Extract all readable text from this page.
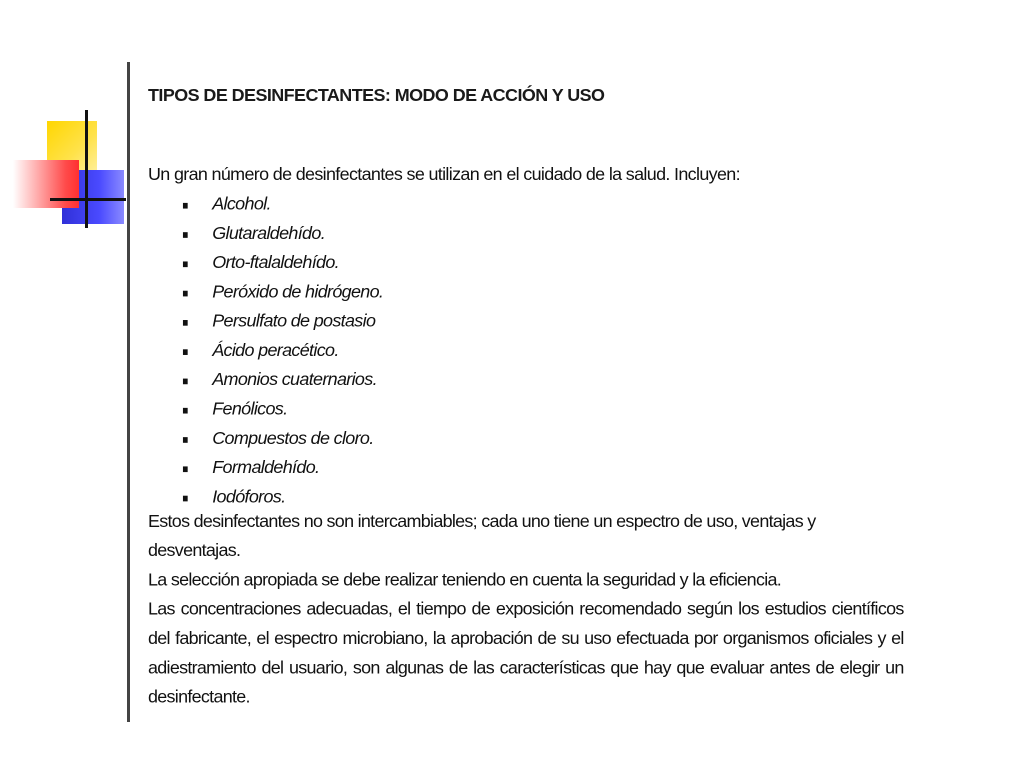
TIPOS DE DESINFECTANTES: MODO DE ACCIÓN Y USO
Un gran número de desinfectantes se utilizan en el cuidado de la salud. Incluyen:
Alcohol.
Glutaraldehído.
Orto-ftalaldehído.
Peróxido de hidrógeno.
Persulfato de postasio
Ácido peracético.
Amonios cuaternarios.
Fenólicos.
Compuestos de cloro.
Formaldehído.
Iodóforos.

Estos desinfectantes no son intercambiables; cada uno tiene un espectro de uso, ventajas y desventajas.

La selección apropiada se debe realizar teniendo en cuenta la seguridad y la eficiencia.

Las concentraciones adecuadas, el tiempo de exposición recomendado según los estudios científicos del fabricante, el espectro microbiano, la aprobación de su uso efectuada por organismos oficiales y el adiestramiento del usuario, son algunas de las características que hay que evaluar antes de elegir un desinfectante.
